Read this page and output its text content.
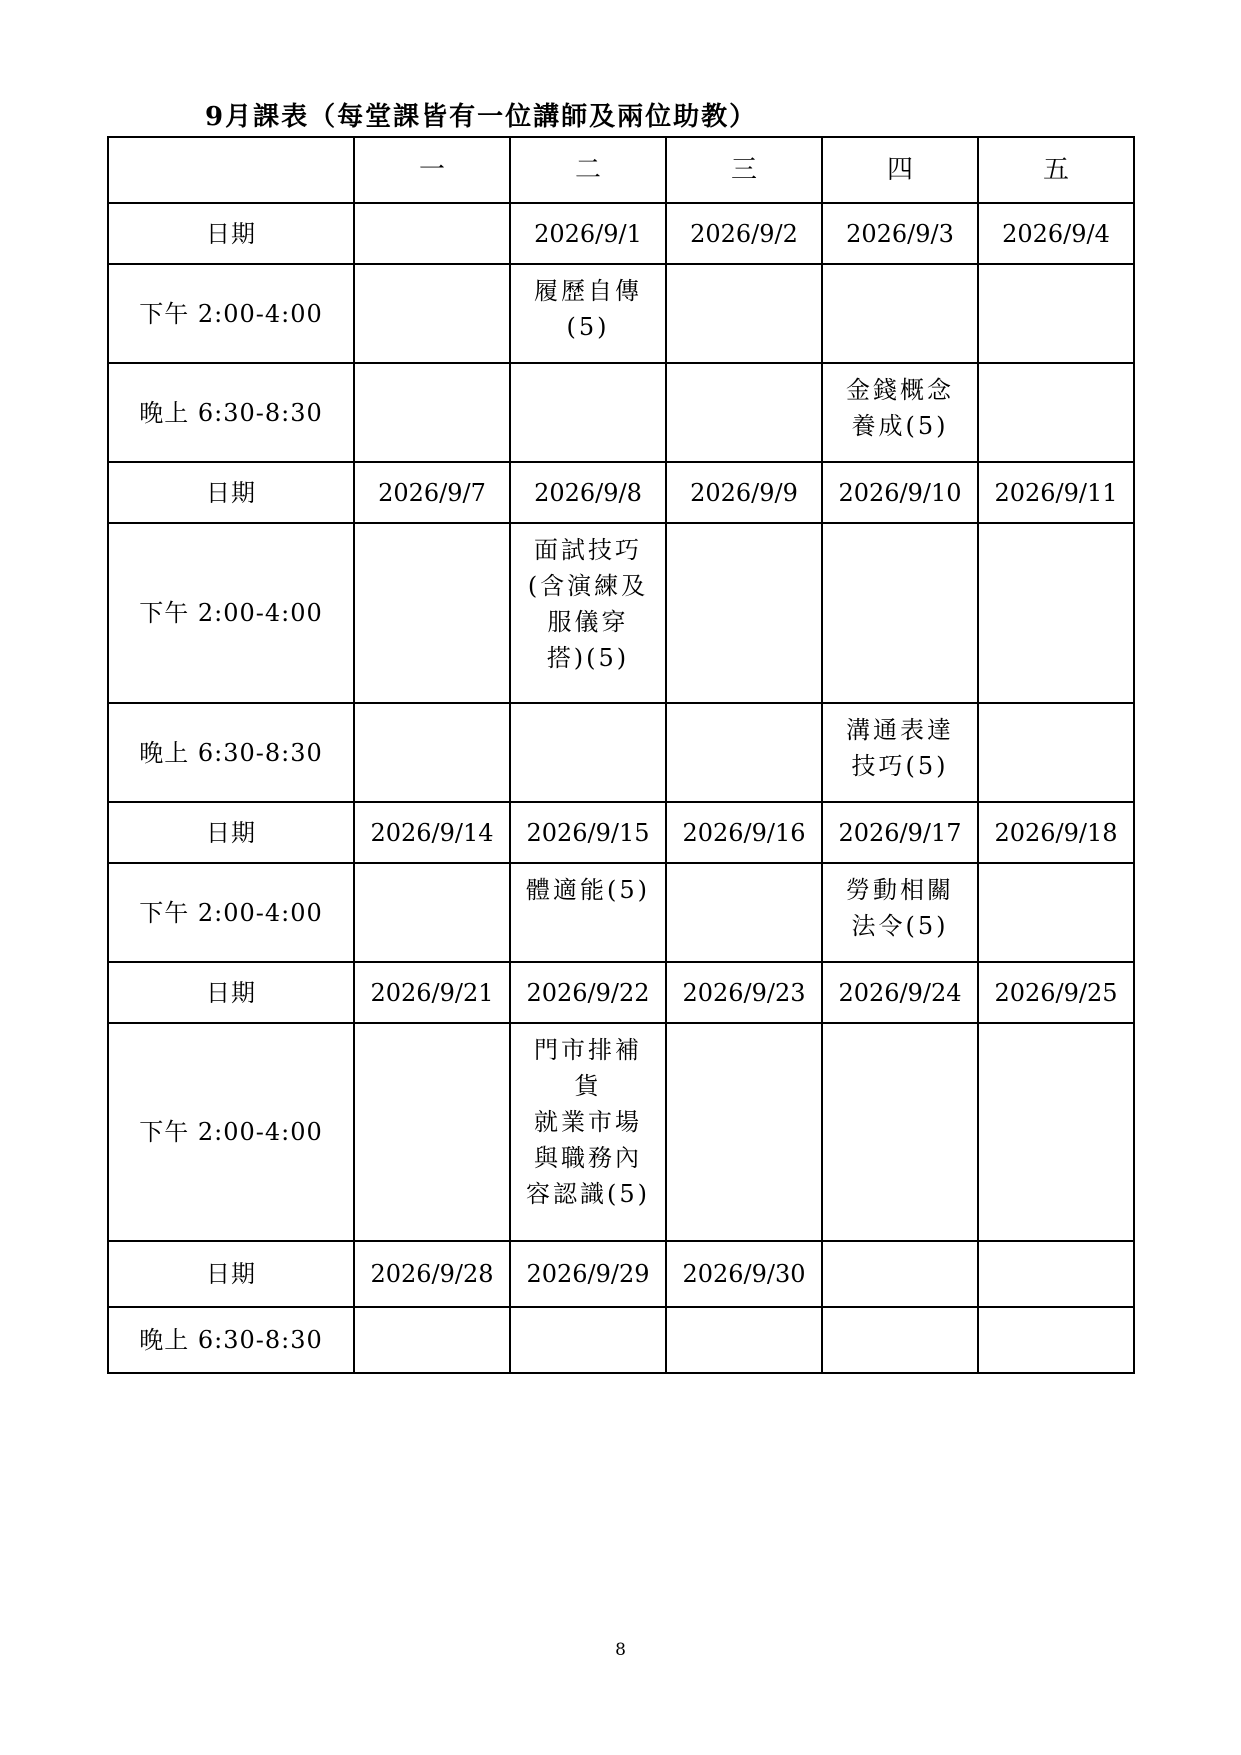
9月課表（每堂課皆有一位講師及兩位助教）
	一	二	三	四	五
日期		2026/9/1	2026/9/2	2026/9/3	2026/9/4
下午 2:00-4:00		履歷自傳
(5)			
晚上 6:30-8:30				金錢概念
養成(5)	
日期	2026/9/7	2026/9/8	2026/9/9	2026/9/10	2026/9/11
下午 2:00-4:00		面試技巧
(含演練及
服儀穿
搭)(5)			
晚上 6:30-8:30				溝通表達
技巧(5)	
日期	2026/9/14	2026/9/15	2026/9/16	2026/9/17	2026/9/18
下午 2:00-4:00		體適能(5)		勞動相關
法令(5)	
日期	2026/9/21	2026/9/22	2026/9/23	2026/9/24	2026/9/25
下午 2:00-4:00		門市排補
貨
就業市場
與職務內
容認識(5)			
日期	2026/9/28	2026/9/29	2026/9/30		
晚上 6:30-8:30					
8
